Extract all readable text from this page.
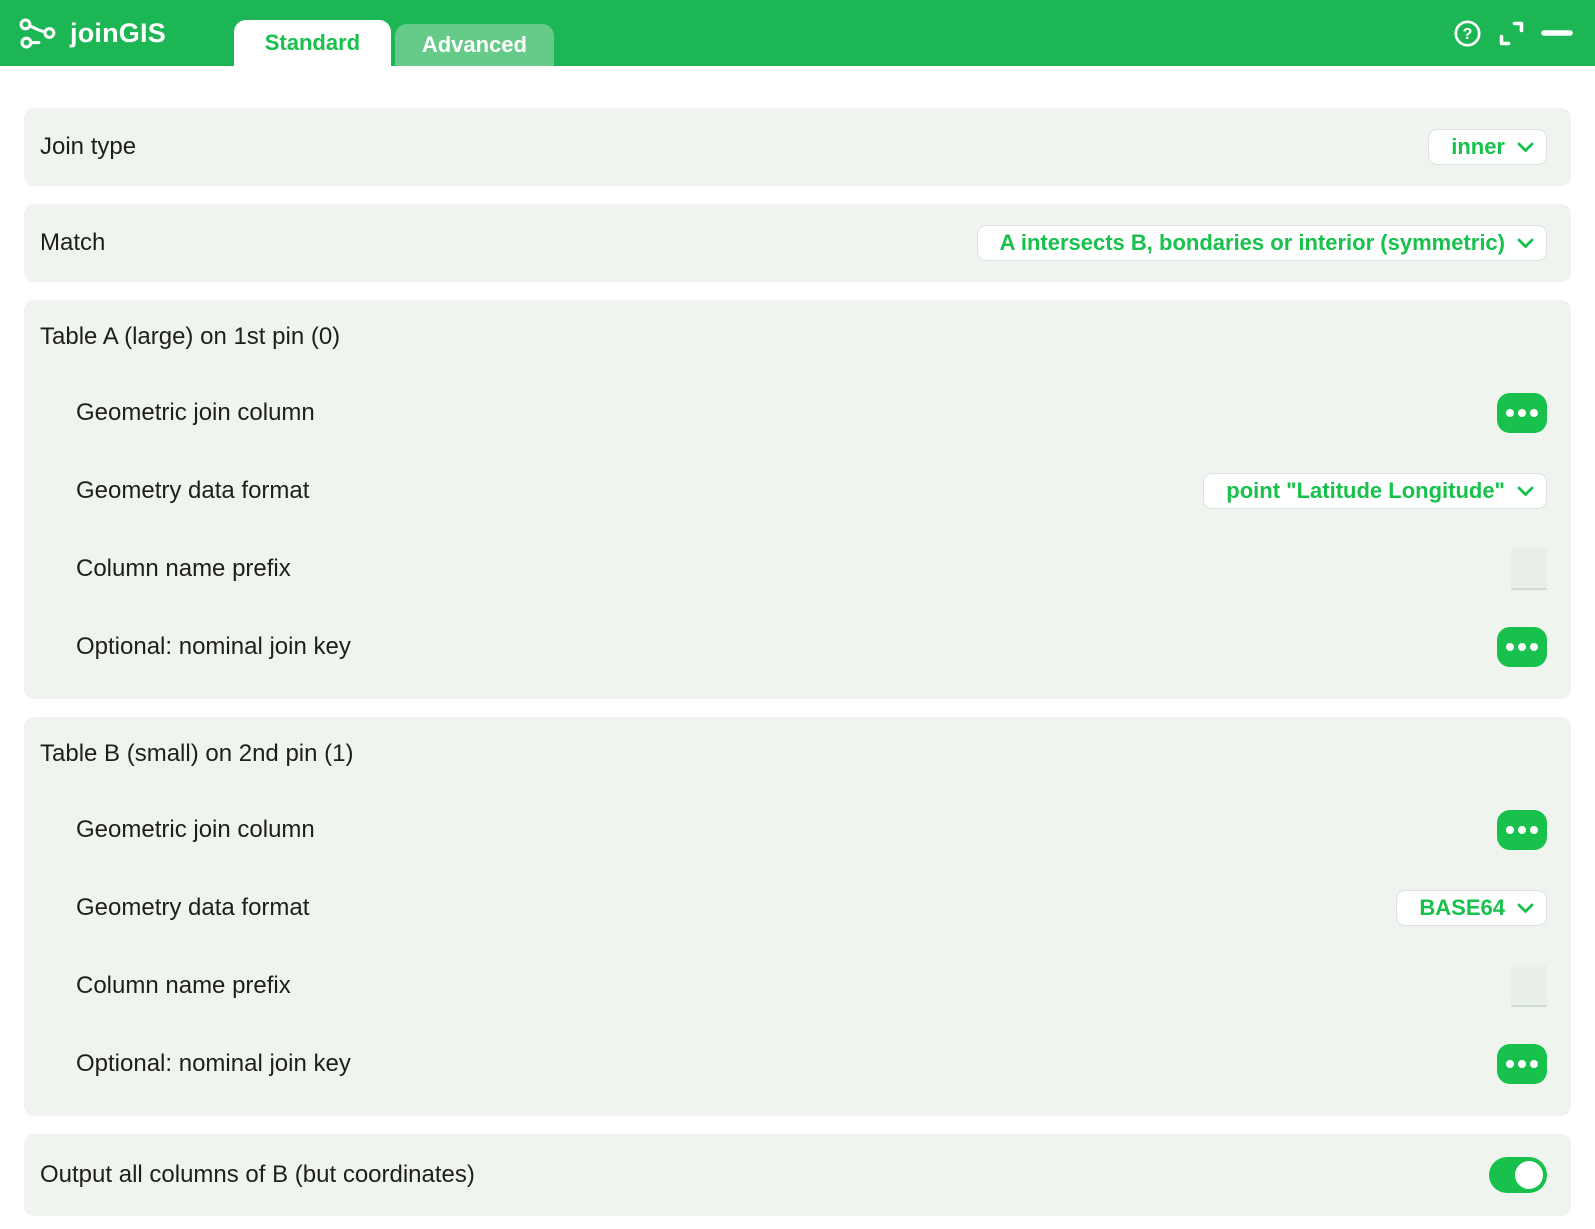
joinGIS	Standard	Advanced	?
Join type	inner
Match	A intersects B, bondaries or interior (symmetric)
Table A (large) on 1st pin (0)
Geometric join column
Geometry data format	point "Latitude Longitude"
Column name prefix
Optional: nominal join key
Table B (small) on 2nd pin (1)
Geometric join column
Geometry data format	BASE64
Column name prefix
Optional: nominal join key
Output all columns of B (but coordinates)
